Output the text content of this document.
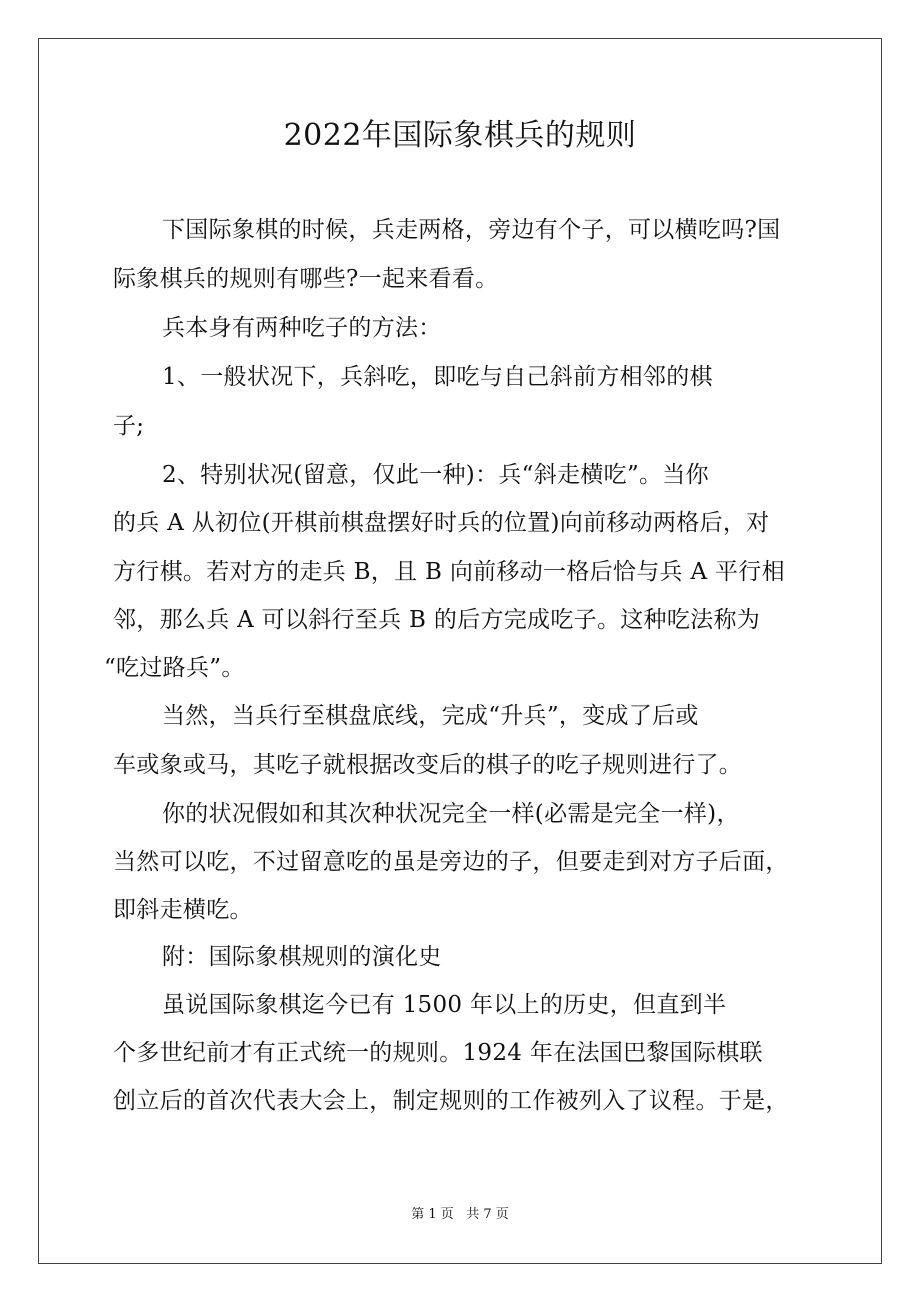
2022年国际象棋兵的规则
下国际象棋的时候，兵走两格，旁边有个子，可以横吃吗?国
际象棋兵的规则有哪些?一起来看看。
兵本身有两种吃子的方法：
1、一般状况下，兵斜吃，即吃与自己斜前方相邻的棋
子;
2、特别状况(留意，仅此一种)：兵“斜走横吃”。当你
的兵 A 从初位(开棋前棋盘摆好时兵的位置)向前移动两格后，对
方行棋。若对方的走兵 B，且 B 向前移动一格后恰与兵 A 平行相
邻，那么兵 A 可以斜行至兵 B 的后方完成吃子。这种吃法称为
“吃过路兵”。
当然，当兵行至棋盘底线，完成“升兵”，变成了后或
车或象或马，其吃子就根据改变后的棋子的吃子规则进行了。
你的状况假如和其次种状况完全一样(必需是完全一样)，
当然可以吃，不过留意吃的虽是旁边的子，但要走到对方子后面，
即斜走横吃。
附：国际象棋规则的演化史
虽说国际象棋迄今已有 1500 年以上的历史，但直到半
个多世纪前才有正式统一的规则。1924 年在法国巴黎国际棋联
创立后的首次代表大会上，制定规则的工作被列入了议程。于是，
第 1 页   共 7 页
